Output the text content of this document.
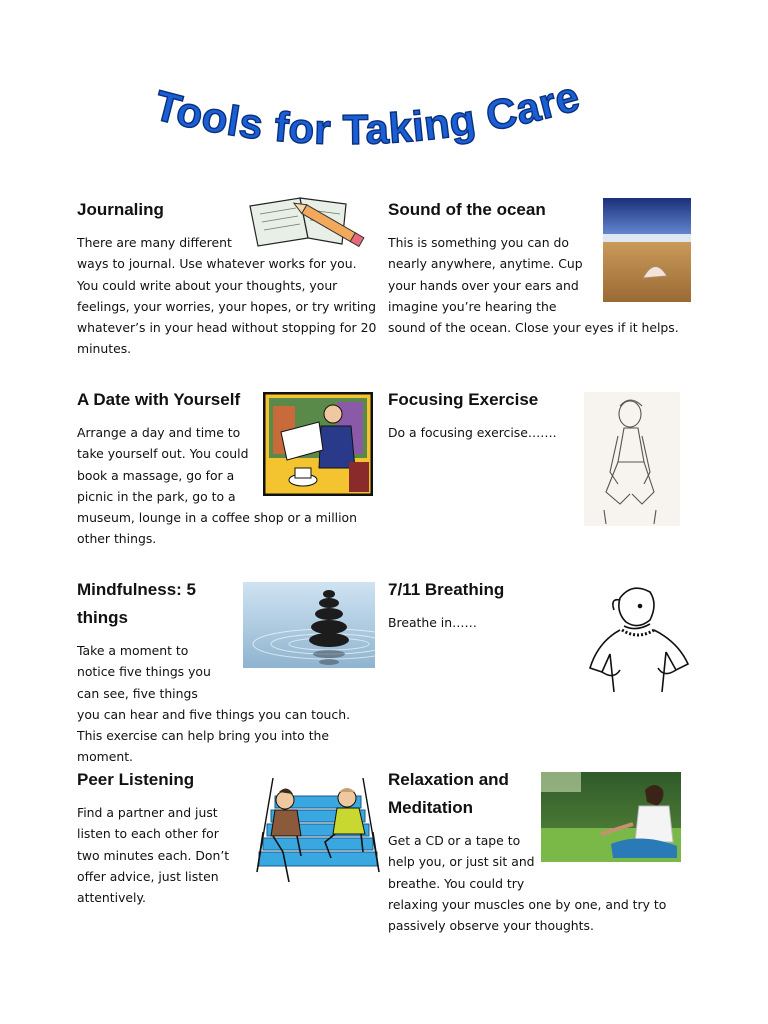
Tools for Taking Care
Journaling
There are many different ways to journal. Use whatever works for you. You could write about your thoughts, your feelings, your worries, your hopes, or try writing whatever’s in your head without stopping for 20 minutes.
Sound of the ocean
This is something you can do nearly anywhere, anytime. Cup your hands over your ears and imagine you’re hearing the sound of the ocean. Close your eyes if it helps.
A Date with Yourself
Arrange a day and time to take yourself out. You could book a massage, go for a picnic in the park, go to a museum, lounge in a coffee shop or a million other things.
Focusing Exercise
Do a focusing exercise…….
Mindfulness: 5 things
Take a moment to notice five things you can see, five things you can hear and five things you can touch. This exercise can help bring you into the moment.
7/11 Breathing
Breathe in……
Peer Listening
Find a partner and just listen to each other for two minutes each. Don’t offer advice, just listen attentively.
Relaxation and Meditation
Get a CD or a tape to help you, or just sit and breathe. You could try relaxing your muscles one by one, and try to passively observe your thoughts.
